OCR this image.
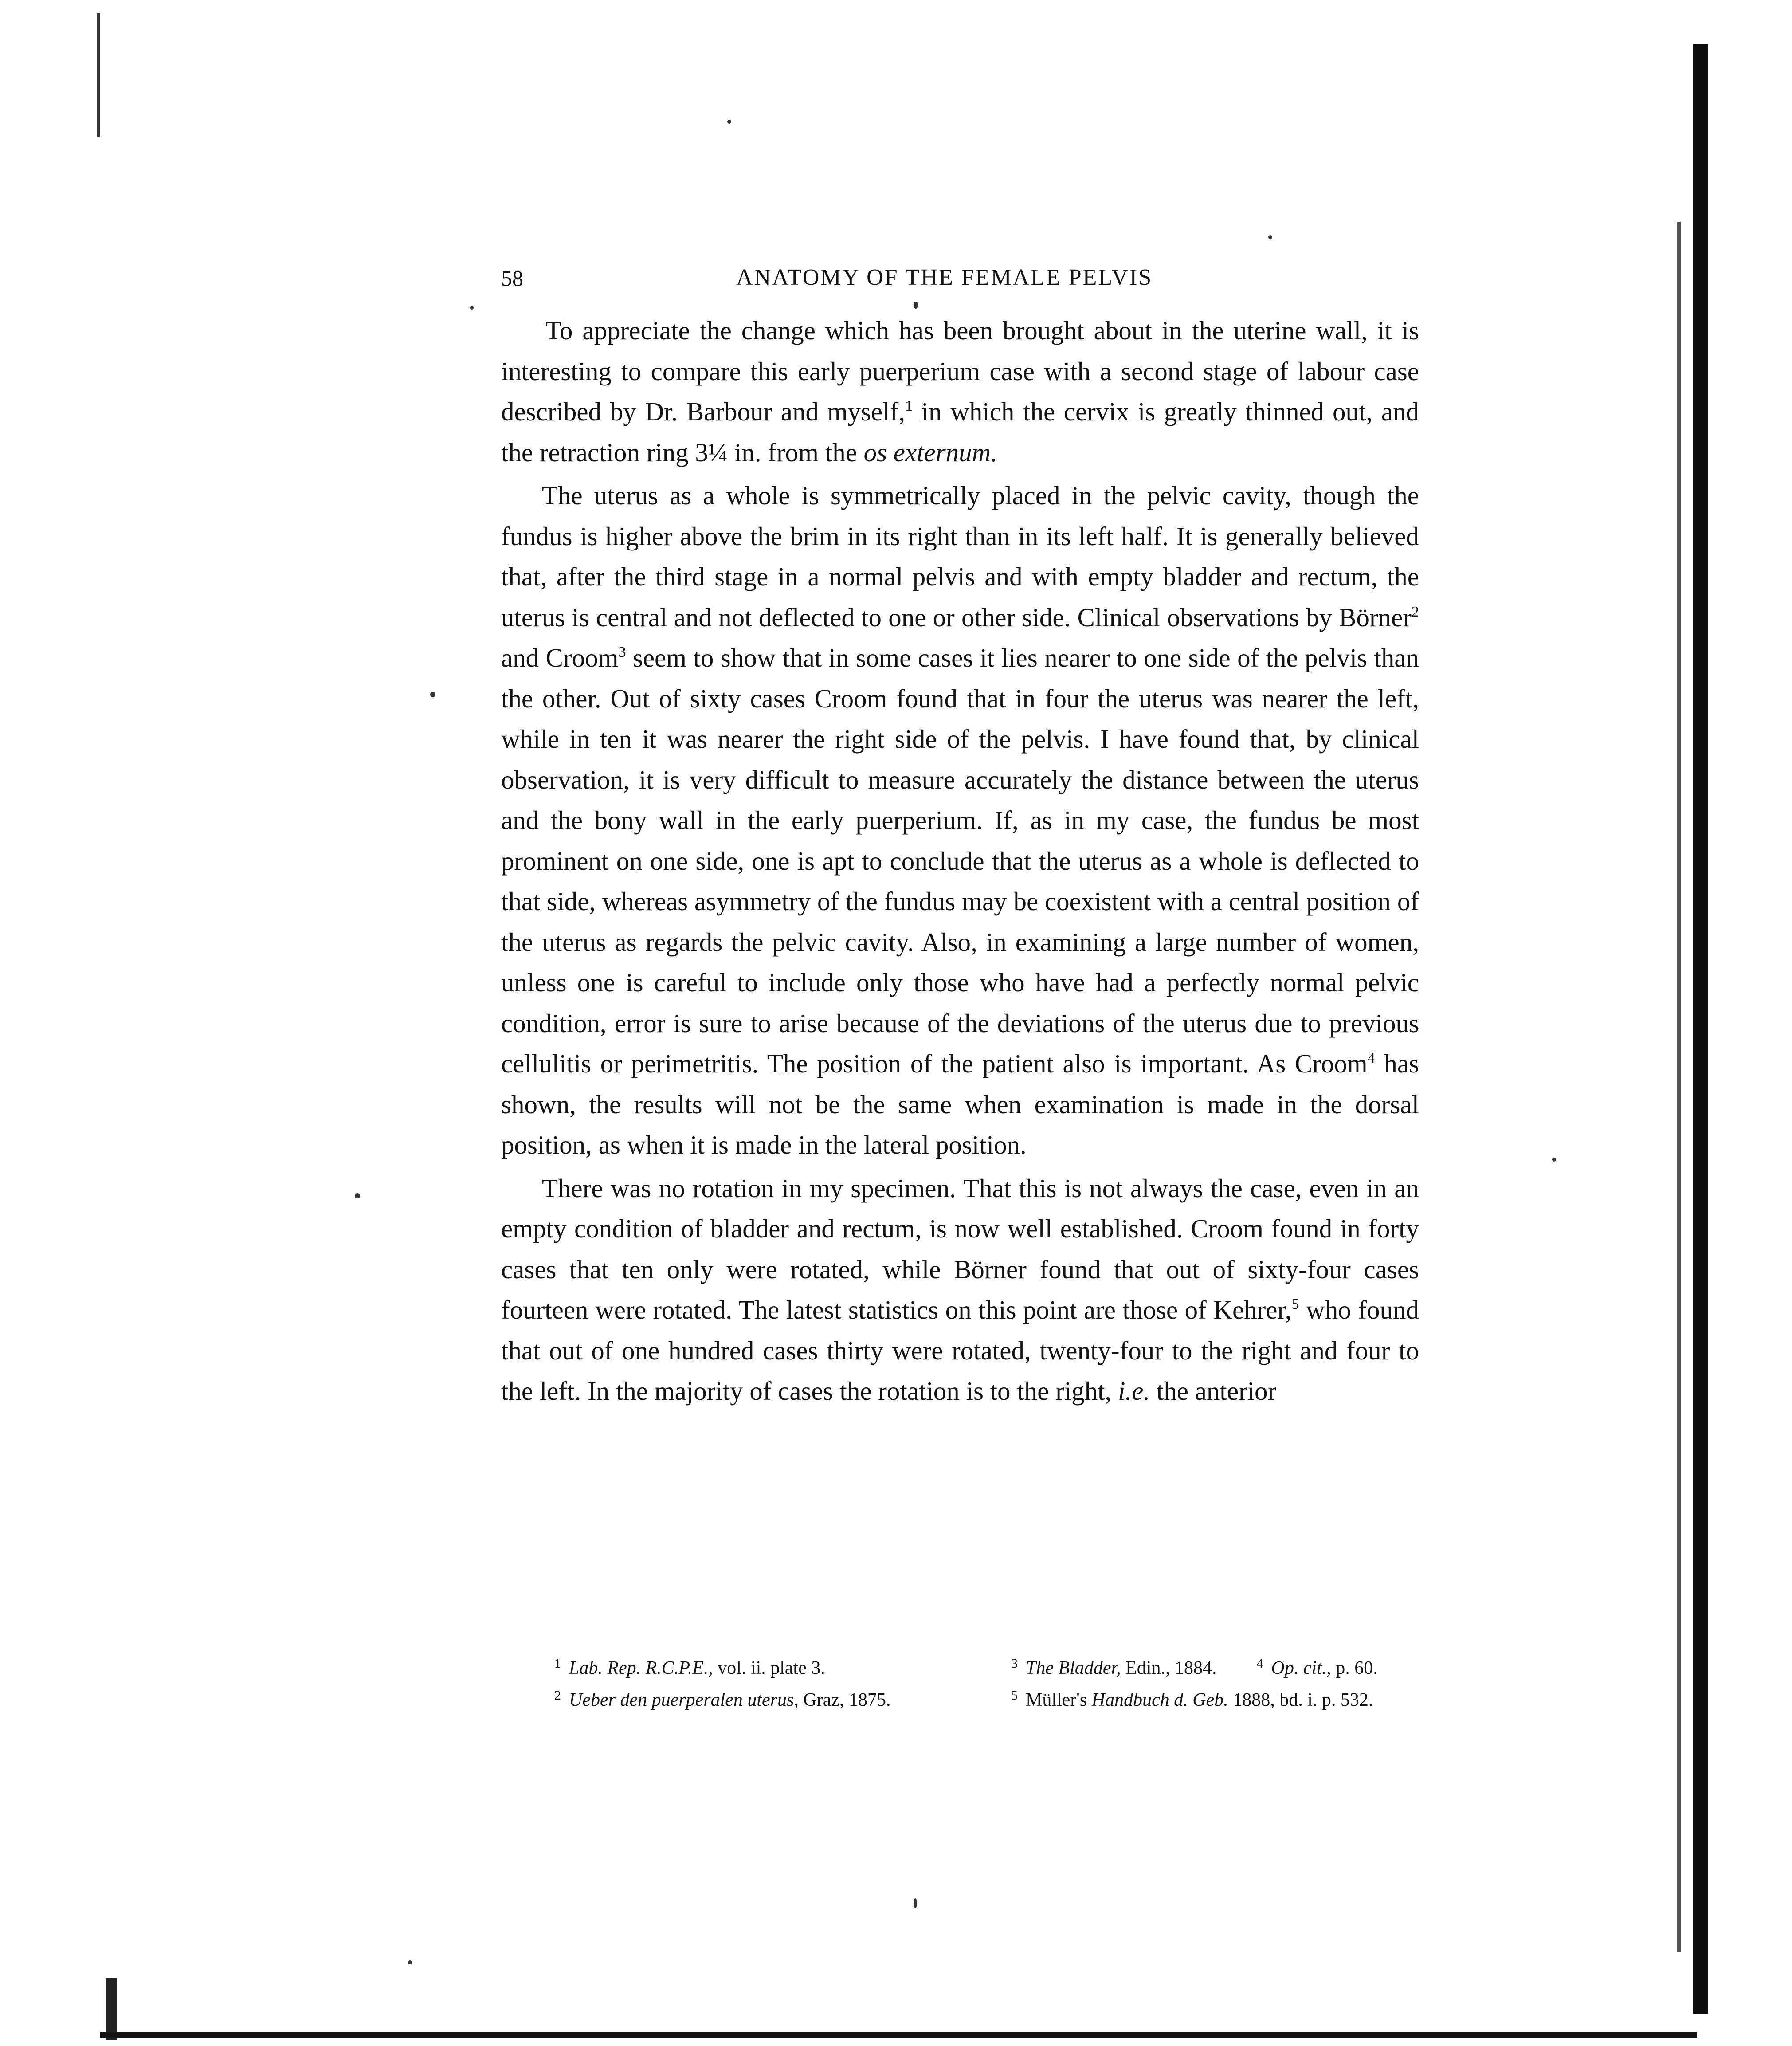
58	ANATOMY OF THE FEMALE PELVIS

To appreciate the change which has been brought about in the uterine wall, it is interesting to compare this early puerperium case with a second stage of labour case described by Dr. Barbour and myself,$^1$ in which the cervix is greatly thinned out, and the retraction ring 3¼ in. from the os externum.

The uterus as a whole is symmetrically placed in the pelvic cavity, though the fundus is higher above the brim in its right than in its left half. It is generally believed that, after the third stage in a normal pelvis and with empty bladder and rectum, the uterus is central and not deflected to one or other side. Clinical observations by Börner$^2$ and Croom$^3$ seem to show that in some cases it lies nearer to one side of the pelvis than the other. Out of sixty cases Croom found that in four the uterus was nearer the left, while in ten it was nearer the right side of the pelvis. I have found that, by clinical observation, it is very difficult to measure accurately the distance between the uterus and the bony wall in the early puerperium. If, as in my case, the fundus be most prominent on one side, one is apt to conclude that the uterus as a whole is deflected to that side, whereas asymmetry of the fundus may be coexistent with a central position of the uterus as regards the pelvic cavity. Also, in examining a large number of women, unless one is careful to include only those who have had a perfectly normal pelvic condition, error is sure to arise because of the deviations of the uterus due to previous cellulitis or perimetritis. The position of the patient also is important. As Croom$^4$ has shown, the results will not be the same when examination is made in the dorsal position, as when it is made in the lateral position.

There was no rotation in my specimen. That this is not always the case, even in an empty condition of bladder and rectum, is now well established. Croom found in forty cases that ten only were rotated, while Börner found that out of sixty-four cases fourteen were rotated. The latest statistics on this point are those of Kehrer,$^5$ who found that out of one hundred cases thirty were rotated, twenty-four to the right and four to the left. In the majority of cases the rotation is to the right, i.e. the anterior

$^1$ Lab. Rep. R.C.P.E., vol. ii. plate 3.	$^3$ The Bladder, Edin., 1884.	$^4$ Op. cit., p. 60.
$^2$ Ueber den puerperalen uterus, Graz, 1875.	$^5$ Müller's Handbuch d. Geb. 1888, bd. i. p. 532.
